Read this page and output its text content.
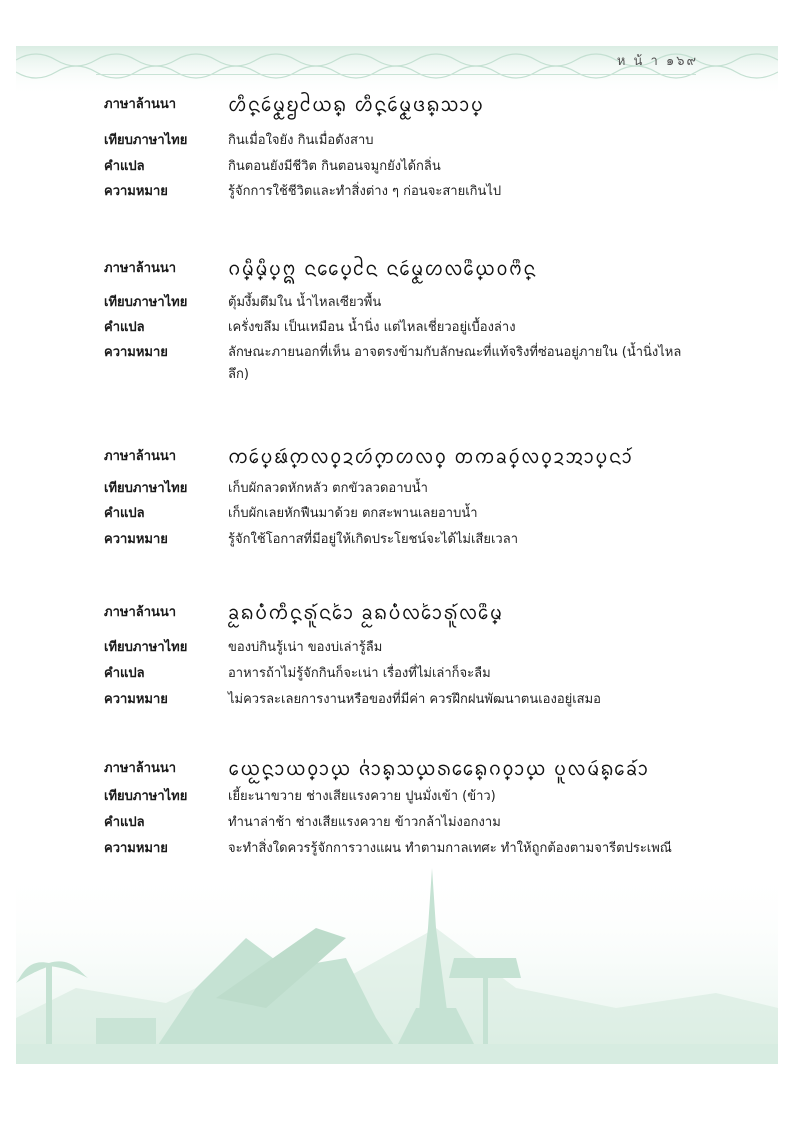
ห น้ า ๑๖๙
ภาษาล้านนา	ᩉ᩠ᩥᨶᩮᩢ᩠ᨾᩬᨮᩲᨿ᩠ᨦ ᩉ᩠ᩥᨶᩮᩢ᩠ᨾᩬᨴ᩠ᨦᩈᩣ᩠ᨷ
เทียบภาษาไทย	กินเมื่อใจยัง กินเมื่อดังสาบ
คำแปล	กินตอนยังมีชีวิต กินตอนจมูกยังได้กลิ่น
ความหมาย	รู้จักการใช้ชีวิตและทำสิ่งต่าง ๆ ก่อนจะสายเกินไป
ภาษาล้านนา	ᨣ᩠ᨾᩥ᩠ᨾᩥ᩠ᨷᩍ ᨶᩯ᩠ᨷᩲᨶ ᨶᩮᩢ᩠ᨾᩬᩉᩃᩮᩨ᩠ᨿᩅᨻᩨ᩠ᨶ
เทียบภาษาไทย	ตุ้มงึ้มตึมใน น้ำไหลเซียวพื้น
คำแปล	เครั่งขลึม เป็นเหมือน น้ำนิ่ง แต่ไหลเชี่ยวอยู่เบื้องล่าง
ความหมาย	ลักษณะภายนอกที่เห็น อาจตรงข้ามกับลักษณะที่แท้จริงที่ซ่อนอยู่ภายใน (น้ำนิ่งไหลลึก)
ภาษาล้านนา	ᨠᩮᩢ᩠ᨷᨹᩢ᩠ᨠᩃ᩠ᩅᨯᩉᩢ᩠ᨠᩉᩃ᩠ᩅ ᨲᨠᨡ᩠ᩅᩢᩃ᩠ᩅᨯᩋᩣ᩠ᨷᨶᩣ᩶
เทียบภาษาไทย	เก็บผักลวดหักหลัว ตกขัวลวดอาบน้ำ
คำแปล	เก็บผักเลยหักฟืนมาด้วย ตกสะพานเลยอาบน้ำ
ความหมาย	รู้จักใช้โอกาสที่มีอยู่ให้เกิดประโยชน์จะได้ไม่เสียเวลา
ภาษาล้านนา	ᨡᩬᨦᨷᩴ᩵ᨠᩥ᩠ᨶᩁᩪ᩶ᨶᩮᩢ᩵ᩣ ᨡᩬᨦᨷᩴ᩵ᩃᩮᩢ᩵ᩣᩁᩪ᩶ᩃᩮᩨ᩠ᨾ
เทียบภาษาไทย	ของบ่กินรู้เน่า ของบ่เล่ารู้ลืม
คำแปล	อาหารถ้าไม่รู้จักกินก็จะเน่า เรื่องที่ไม่เล่าก็จะลืม
ความหมาย	ไม่ควรละเลยการงานหรือของที่มีค่า ควรฝึกฝนพัฒนาตนเองอยู่เสมอ
ภาษาล้านนา	ᩮᨿ᩠ᩬᨶᩣᨿ᩠ᩅᩣ᩠ᨿ ᨩ᩵ᩣ᩠ᨦᩈ᩠ᨿᩁᩯ᩠ᨦᨣ᩠ᩅᩣ᩠ᨿ ᨷᩪᩃᨾ᩠ᩢᨦᩮᨡ᩶ᩣ
เทียบภาษาไทย	เยี้ยะนาขวาย ช่างเสียแรงควาย ปูนมั่งเข้า (ข้าว)
คำแปล	ทำนาล่าช้า ช่างเสียแรงควาย ข้าวกล้าไม่งอกงาม
ความหมาย	จะทำสิ่งใดควรรู้จักการวางแผน ทำตามกาลเทศะ ทำให้ถูกต้องตามจารีตประเพณี
